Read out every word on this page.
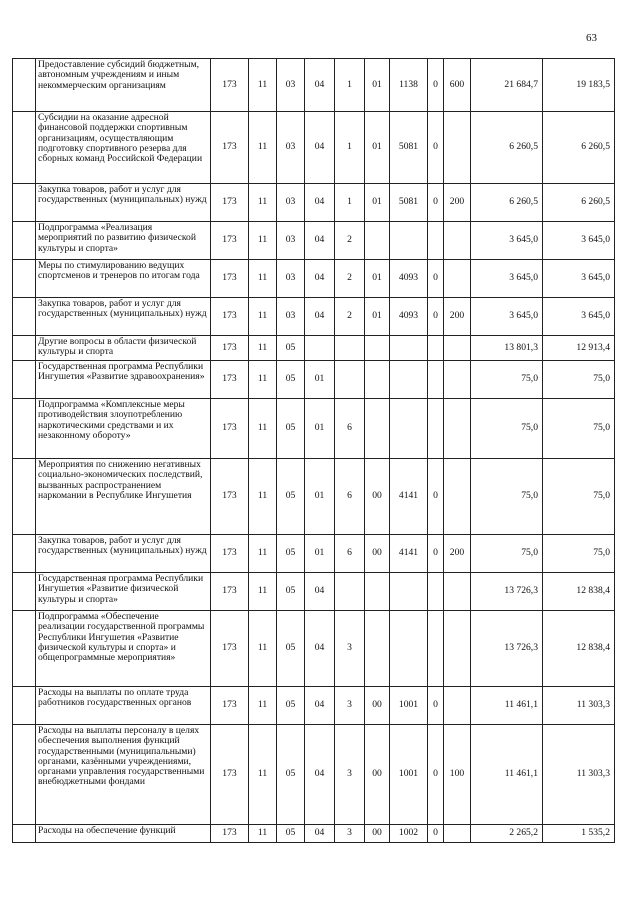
63
	Предоставление субсидий бюджетным, автономным учреждениям и иным некоммерческим организациям	173	11	03	04	1	01	1138	0	600	21 684,7	19 183,5
	Субсидии на оказание адресной финансовой поддержки спортивным организациям, осуществляющим подготовку спортивного резерва для сборных команд Российской Федерации	173	11	03	04	1	01	5081	0		6 260,5	6 260,5
	Закупка товаров, работ и услуг для государственных (муниципальных) нужд	173	11	03	04	1	01	5081	0	200	6 260,5	6 260,5
	Подпрограмма «Реализация мероприятий по развитию физической культуры и спорта»	173	11	03	04	2					3 645,0	3 645,0
	Меры по стимулированию ведущих спортсменов и тренеров по итогам года	173	11	03	04	2	01	4093	0		3 645,0	3 645,0
	Закупка товаров, работ и услуг для государственных (муниципальных) нужд	173	11	03	04	2	01	4093	0	200	3 645,0	3 645,0
	Другие вопросы в области физической культуры и спорта	173	11	05							13 801,3	12 913,4
	Государственная программа Республики Ингушетия «Развитие здравоохранения»	173	11	05	01						75,0	75,0
	Подпрограмма «Комплексные меры противодействия злоупотреблению наркотическими средствами и их незаконному обороту»	173	11	05	01	6					75,0	75,0
	Мероприятия по снижению негативных социально-экономических последствий, вызванных распространением наркомании в Республике Ингушетия	173	11	05	01	6	00	4141	0		75,0	75,0
	Закупка товаров, работ и услуг для государственных (муниципальных) нужд	173	11	05	01	6	00	4141	0	200	75,0	75,0
	Государственная программа Республики Ингушетия «Развитие физической культуры и спорта»	173	11	05	04						13 726,3	12 838,4
	Подпрограмма «Обеспечение реализации государственной программы Республики Ингушетия «Развитие физической культуры и спорта» и общепрограммные мероприятия»	173	11	05	04	3					13 726,3	12 838,4
	Расходы на выплаты по оплате труда работников государственных органов	173	11	05	04	3	00	1001	0		11 461,1	11 303,3
	Расходы на выплаты персоналу в целях обеспечения выполнения функций государственными (муниципальными) органами, казёнными учреждениями, органами управления государственными внебюджетными фондами	173	11	05	04	3	00	1001	0	100	11 461,1	11 303,3
	Расходы на обеспечение функций	173	11	05	04	3	00	1002	0		2 265,2	1 535,2
